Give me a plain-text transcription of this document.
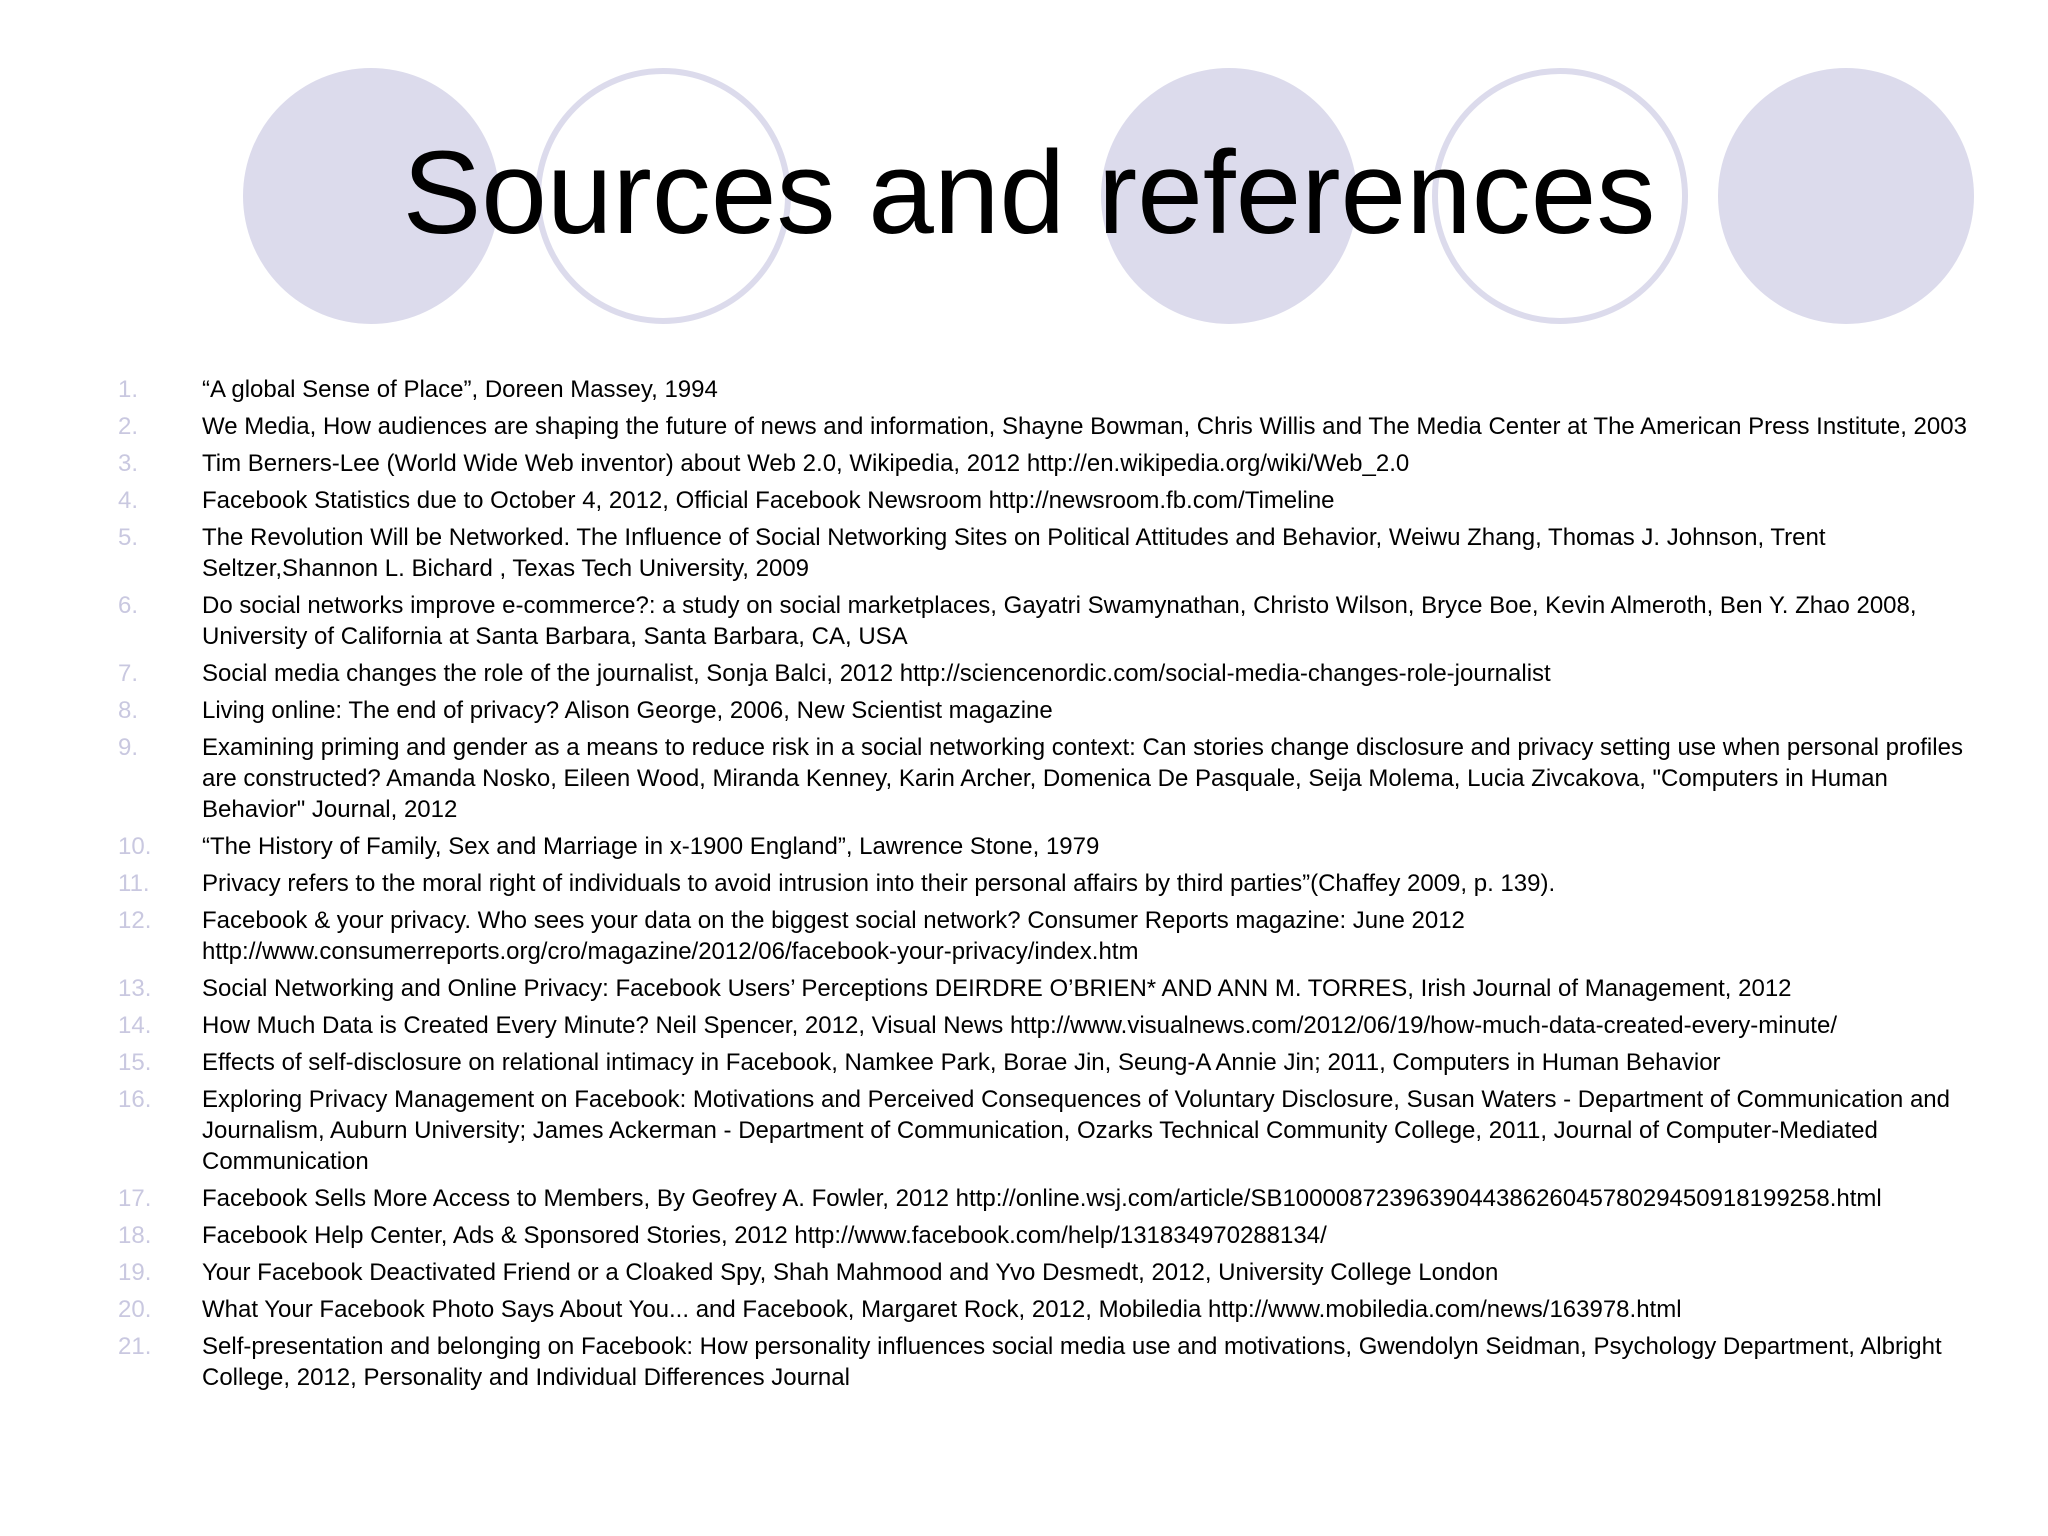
Sources and references
1.	“A global Sense of Place”, Doreen Massey, 1994
2.	We Media, How audiences are shaping the future of news and information, Shayne Bowman, Chris Willis and The Media Center at The American Press Institute, 2003
3.	Tim Berners-Lee (World Wide Web inventor) about Web 2.0, Wikipedia, 2012 http://en.wikipedia.org/wiki/Web_2.0
4.	Facebook Statistics due to October 4, 2012, Official Facebook Newsroom http://newsroom.fb.com/Timeline
5.	The Revolution Will be Networked. The Influence of Social Networking Sites on Political Attitudes and Behavior, Weiwu Zhang, Thomas J. Johnson, Trent Seltzer,Shannon L. Bichard , Texas Tech University, 2009
6.	Do social networks improve e-commerce?: a study on social marketplaces, Gayatri Swamynathan, Christo Wilson, Bryce Boe, Kevin Almeroth, Ben Y. Zhao 2008, University of California at Santa Barbara, Santa Barbara, CA, USA
7.	Social media changes the role of the journalist, Sonja Balci, 2012 http://sciencenordic.com/social-media-changes-role-journalist
8.	Living online: The end of privacy? Alison George, 2006, New Scientist magazine
9.	Examining priming and gender as a means to reduce risk in a social networking context: Can stories change disclosure and privacy setting use when personal profiles are constructed? Amanda Nosko, Eileen Wood, Miranda Kenney, Karin Archer, Domenica De Pasquale, Seija Molema, Lucia Zivcakova, "Computers in Human Behavior" Journal, 2012
10.	“The History of Family, Sex and Marriage in x-1900 England”, Lawrence Stone, 1979
11.	Privacy refers to the moral right of individuals to avoid intrusion into their personal affairs by third parties”(Chaffey 2009, p. 139).
12.	Facebook & your privacy. Who sees your data on the biggest social network? Consumer Reports magazine: June 2012 http://www.consumerreports.org/cro/magazine/2012/06/facebook-your-privacy/index.htm
13.	Social Networking and Online Privacy: Facebook Users’ Perceptions DEIRDRE O’BRIEN* AND ANN M. TORRES, Irish Journal of Management, 2012
14.	How Much Data is Created Every Minute? Neil Spencer, 2012, Visual News http://www.visualnews.com/2012/06/19/how-much-data-created-every-minute/
15.	Effects of self-disclosure on relational intimacy in Facebook, Namkee Park, Borae Jin, Seung-A Annie Jin; 2011, Computers in Human Behavior
16.	Exploring Privacy Management on Facebook: Motivations and Perceived Consequences of Voluntary Disclosure, Susan Waters - Department of Communication and Journalism, Auburn University; James Ackerman - Department of Communication, Ozarks Technical Community College, 2011, Journal of Computer-Mediated Communication
17.	Facebook Sells More Access to Members, By Geofrey A. Fowler, 2012 http://online.wsj.com/article/SB10000872396390443862604578029450918199258.html
18.	Facebook Help Center, Ads & Sponsored Stories, 2012 http://www.facebook.com/help/131834970288134/
19.	Your Facebook Deactivated Friend or a Cloaked Spy, Shah Mahmood and Yvo Desmedt, 2012, University College London
20.	What Your Facebook Photo Says About You... and Facebook, Margaret Rock, 2012, Mobiledia http://www.mobiledia.com/news/163978.html
21.	Self-presentation and belonging on Facebook: How personality influences social media use and motivations, Gwendolyn Seidman, Psychology Department, Albright College, 2012, Personality and Individual Differences Journal
